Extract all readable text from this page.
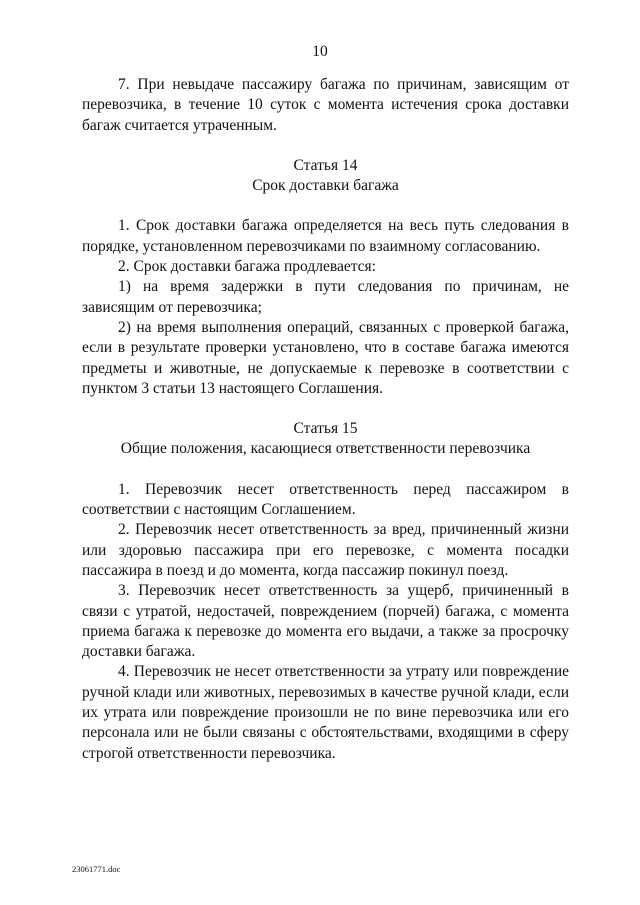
10

7. При невыдаче пассажиру багажа по причинам, зависящим от перевозчика, в течение 10 суток с момента истечения срока доставки багаж считается утраченным.

Статья 14

Срок доставки багажа

1. Срок доставки багажа определяется на весь путь следования в порядке, установленном перевозчиками по взаимному согласованию.

2. Срок доставки багажа продлевается:

1) на время задержки в пути следования по причинам, не зависящим от перевозчика;

2) на время выполнения операций, связанных с проверкой багажа, если в результате проверки установлено, что в составе багажа имеются предметы и животные, не допускаемые к перевозке в соответствии с пунктом 3 статьи 13 настоящего Соглашения.

Статья 15

Общие положения, касающиеся ответственности перевозчика

1. Перевозчик несет ответственность перед пассажиром в соответствии с настоящим Соглашением.

2. Перевозчик несет ответственность за вред, причиненный жизни или здоровью пассажира при его перевозке, с момента посадки пассажира в поезд и до момента, когда пассажир покинул поезд.

3. Перевозчик несет ответственность за ущерб, причиненный в связи с утратой, недостачей, повреждением (порчей) багажа, с момента приема багажа к перевозке до момента его выдачи, а также за просрочку доставки багажа.

4. Перевозчик не несет ответственности за утрату или повреждение ручной клади или животных, перевозимых в качестве ручной клади, если их утрата или повреждение произошли не по вине перевозчика или его персонала или не были связаны с обстоятельствами, входящими в сферу строгой ответственности перевозчика.

23061771.doc
